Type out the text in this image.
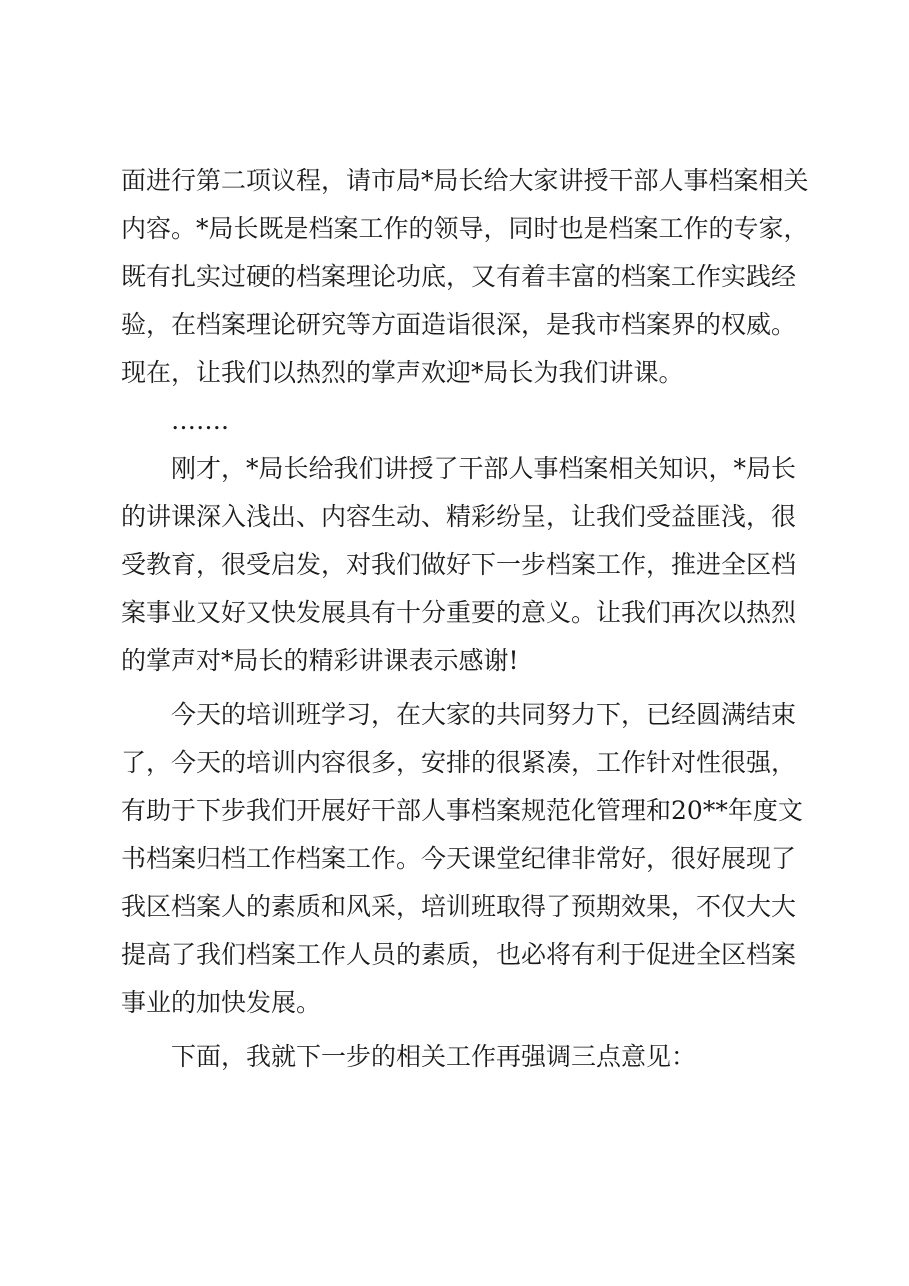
面进行第二项议程，请市局*局长给大家讲授干部人事档案相关
内容。*局长既是档案工作的领导，同时也是档案工作的专家，
既有扎实过硬的档案理论功底，又有着丰富的档案工作实践经
验，在档案理论研究等方面造诣很深，是我市档案界的权威。
现在，让我们以热烈的掌声欢迎*局长为我们讲课。
…….
刚才，*局长给我们讲授了干部人事档案相关知识，*局长
的讲课深入浅出、内容生动、精彩纷呈，让我们受益匪浅，很
受教育，很受启发，对我们做好下一步档案工作，推进全区档
案事业又好又快发展具有十分重要的意义。让我们再次以热烈
的掌声对*局长的精彩讲课表示感谢!
今天的培训班学习，在大家的共同努力下，已经圆满结束
了，今天的培训内容很多，安排的很紧凑，工作针对性很强，
有助于下步我们开展好干部人事档案规范化管理和20**年度文
书档案归档工作档案工作。今天课堂纪律非常好，很好展现了
我区档案人的素质和风采，培训班取得了预期效果，不仅大大
提高了我们档案工作人员的素质，也必将有利于促进全区档案
事业的加快发展。
下面，我就下一步的相关工作再强调三点意见：
